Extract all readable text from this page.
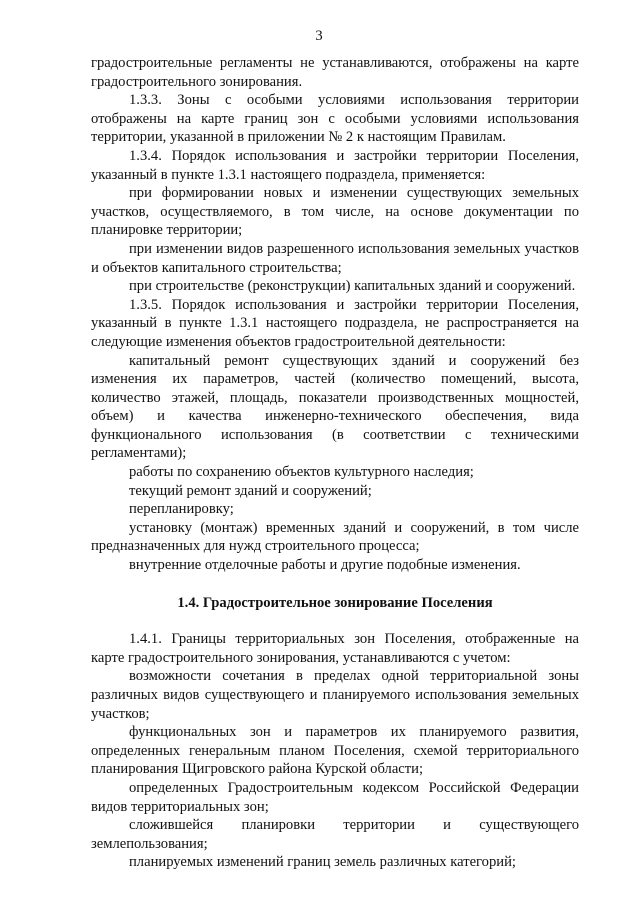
3

градостроительные регламенты не устанавливаются, отображены на карте градостроительного зонирования.

1.3.3. Зоны с особыми условиями использования территории отображены на карте границ зон с особыми условиями использования территории, указанной в приложении № 2 к настоящим Правилам.

1.3.4. Порядок использования и застройки территории Поселения, указанный в пункте 1.3.1 настоящего подраздела, применяется:

при формировании новых и изменении существующих земельных участков, осуществляемого, в том числе, на основе документации по планировке территории;

при изменении видов разрешенного использования земельных участков и объектов капитального строительства;

при строительстве (реконструкции) капитальных зданий и сооружений.

1.3.5. Порядок использования и застройки территории Поселения, указанный в пункте 1.3.1 настоящего подраздела, не распространяется на следующие изменения объектов градостроительной деятельности:

капитальный ремонт существующих зданий и сооружений без изменения их параметров, частей (количество помещений, высота, количество этажей, площадь, показатели производственных мощностей, объем) и качества инженерно-технического обеспечения, вида функционального использования (в соответствии с техническими регламентами);

работы по сохранению объектов культурного наследия;

текущий ремонт зданий и сооружений;

перепланировку;

установку (монтаж) временных зданий и сооружений, в том числе предназначенных для нужд строительного процесса;

внутренние отделочные работы и другие подобные изменения.

1.4. Градостроительное зонирование Поселения

1.4.1. Границы территориальных зон Поселения, отображенные на карте градостроительного зонирования, устанавливаются с учетом:

возможности сочетания в пределах одной территориальной зоны различных видов существующего и планируемого использования земельных участков;

функциональных зон и параметров их планируемого развития, определенных генеральным планом Поселения, схемой территориального планирования Щигровского района Курской области;

определенных Градостроительным кодексом Российской Федерации видов территориальных зон;

сложившейся планировки территории и существующего землепользования;

планируемых изменений границ земель различных категорий;
